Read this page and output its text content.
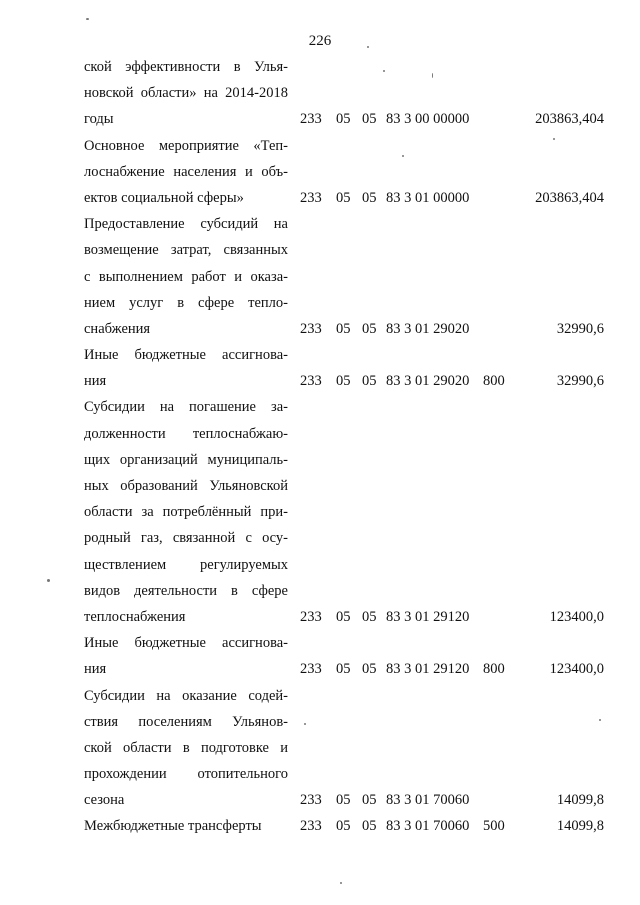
226
ской эффективности в Улья-
новской области» на 2014-2018
годы	233 05 05 83 3 00 00000	203863,404
Основное мероприятие «Теп-
лоснабжение населения и объ-
ектов социальной сферы»	233 05 05 83 3 01 00000	203863,404
Предоставление субсидий на
возмещение затрат, связанных
с выполнением работ и оказа-
нием услуг в сфере тепло-
снабжения	233 05 05 83 3 01 29020	32990,6
Иные бюджетные ассигнова-
ния	233 05 05 83 3 01 29020 800	32990,6
Субсидии на погашение за-
долженности теплоснабжаю-
щих организаций муниципаль-
ных образований Ульяновской
области за потреблённый при-
родный газ, связанной с осу-
ществлением регулируемых
видов деятельности в сфере
теплоснабжения	233 05 05 83 3 01 29120	123400,0
Иные бюджетные ассигнова-
ния	233 05 05 83 3 01 29120 800	123400,0
Субсидии на оказание содей-
ствия поселениям Ульянов-
ской области в подготовке и
прохождении отопительного
сезона	233 05 05 83 3 01 70060	14099,8
Межбюджетные трансферты	233 05 05 83 3 01 70060 500	14099,8
